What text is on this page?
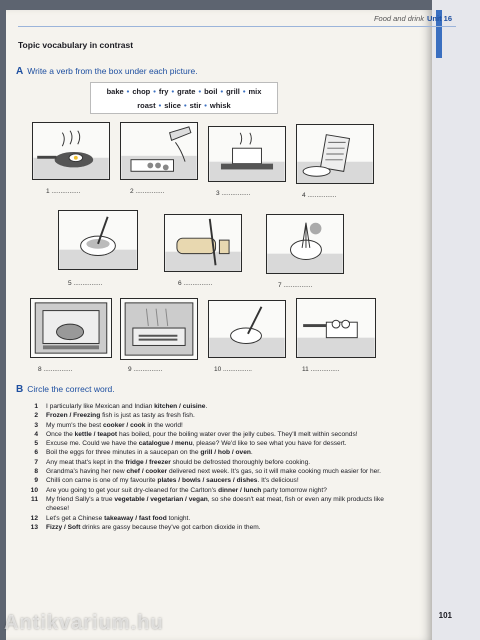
Food and drink Unit 16
Topic vocabulary in contrast
A Write a verb from the box under each picture.
bake • chop • fry • grate • boil • grill • mix
roast • slice • stir • whisk
1 ................	2 ................	3 ................	4 ................
5 ................	6 ................	7 ................
8 ................	9 ................	10 ................	11 ................
B Circle the correct word.
1 I particularly like Mexican and Indian kitchen / cuisine.
2 Frozen / Freezing fish is just as tasty as fresh fish.
3 My mum's the best cooker / cook in the world!
4 Once the kettle / teapot has boiled, pour the boiling water over the jelly cubes. They'll melt within seconds!
5 Excuse me. Could we have the catalogue / menu, please? We'd like to see what you have for dessert.
6 Boil the eggs for three minutes in a saucepan on the grill / hob / oven.
7 Any meat that's kept in the fridge / freezer should be defrosted thoroughly before cooking.
8 Grandma's having her new chef / cooker delivered next week. It's gas, so it will make cooking much easier for her.
9 Chilli con carne is one of my favourite plates / bowls / saucers / dishes. It's delicious!
10 Are you going to get your suit dry-cleaned for the Carlton's dinner / lunch party tomorrow night?
11 My friend Sally's a true vegetable / vegetarian / vegan, so she doesn't eat meat, fish or even any milk products like cheese!
12 Let's get a Chinese takeaway / fast food tonight.
13 Fizzy / Soft drinks are gassy because they've got carbon dioxide in them.
101
Antikvarium.hu
